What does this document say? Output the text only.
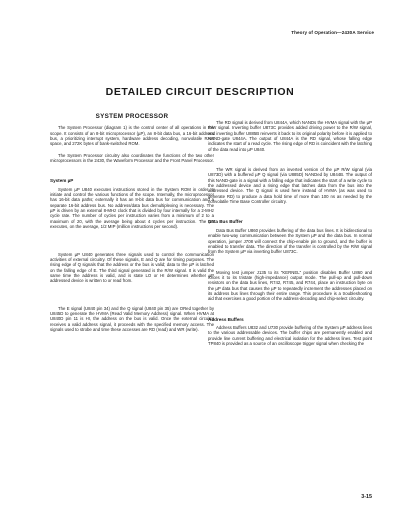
Theory of Operation—2430A Service
DETAILED CIRCUIT DESCRIPTION
SYSTEM PROCESSOR

The System Processor (diagram 1) is the control center of all operations in the scope. It consists of an 8-bit microprocessor (µP), an 8-bit data bus, a 16-bit address bus, a prioritizing interrupt system, hardware address decoding, nonvolatile RAM space, and 272K bytes of bank-switched ROM.

The System Processor circuitry also coordinates the functions of the two other microprocessors in the 2430, the Waveform Processor and the Front Panel Processor.

System µP

System µP U840 executes instructions stored in the System ROM in order to initiate and control the various functions of the scope. Internally, the microprocessor has 16-bit data paths; externally it has an 8-bit data bus for communication and a separate 16-bit address bus. No address/data bus demultiplexing is necessary. The µP is driven by an external 8-MHz clock that is divided by four internally for a 2-MHz cycle rate. The number of cycles per instruction varies from a minimum of 2 to a maximum of 20, with the average being about 4 cycles per instruction. The µP executes, on the average, 1/2 MIP (million instructions per second).

System µP U840 generates three signals used to control the communication activities of external circuitry. Of these signals, E and Q are for timing purposes. The rising edge of Q signals that the address or the bus is valid; data to the µP is latched on the falling edge of E. The third signal generated is the R/W signal. It is valid the same time the address is valid, and is state LO or HI determines whether µP addressed device is written to or read from.

The E signal (U840 pin 34) and the Q signal (U840 pin 35) are ORed together by U845D to generate the HVMA (Read Valid Memory Address) signal. When HVMA at U840D pin 11 is HI, the address on the bus is valid. Once the external circuitry receives a valid address signal, it proceeds with the specified memory access. The signals used to strobe and time these accesses are RD (read) and WR (write).

The RD signal is derived from U844A, which NANDs the HVMA signal with the µP R/W signal. Inverting buffer U873C provides added driving power to the R/W signal, and inverting buffer U885B reinverts it back to its original polarity before it is applied to NAND-gate U844A. The output of U844A is the RD signal, whose falling edge indicates the start of a read cycle. The rising edge of RD is coincident with the latching of the data read into µP U840.

The WR signal is derived from an inverted version of the µP R/W signal (via U873D) with a buffered µP Q signal (via U885D) NANDed by U844B. The output of this NAND-gate is a signal with a falling edge that indicates the start of a write cycle to the addressed device and a rising edge that latches data from the bus into the addressed device. The Q signal is used here instead of HVMA (as was used to generate RD) to produce a data hold time of more than 100 ns as needed by the nonvolatile Time Base Controller circuitry.

Data Bus Buffer

Data Bus Buffer U860 provides buffering of the data bus lines. It is bidirectional to enable two-way communication between the System µP and the data bus. In normal operation, jumper J708 will connect the chip-enable pin to ground, and the buffer is enabled to transfer data. The direction of the transfer is controlled by the R/W signal from the System µP via inverting buffer U873C.

Moving test jumper J135 to its "KERNEL" position disables Buffer U860 and forces it to its tristate (high-impedance) output mode. The pull-up and pull-down resistors on the data bus lines, R742, R745, and R744, place an instruction byte on the µP data bus that causes the µP to repeatedly increment the addresses placed on its address bus lines through their entire range. This procedure is a troubleshooting aid that exercises a good portion of the address-decoding and chip-select circuitry.

Address Buffers

Address Buffers U832 and U730 provide buffering of the System µP address lines to the various addressable devices. The buffer chips are permanently enabled and provide line current buffering and electrical isolation for the address lines. Test point TP840 is provided as a source of an oscilloscope trigger signal when checking the

3-15
